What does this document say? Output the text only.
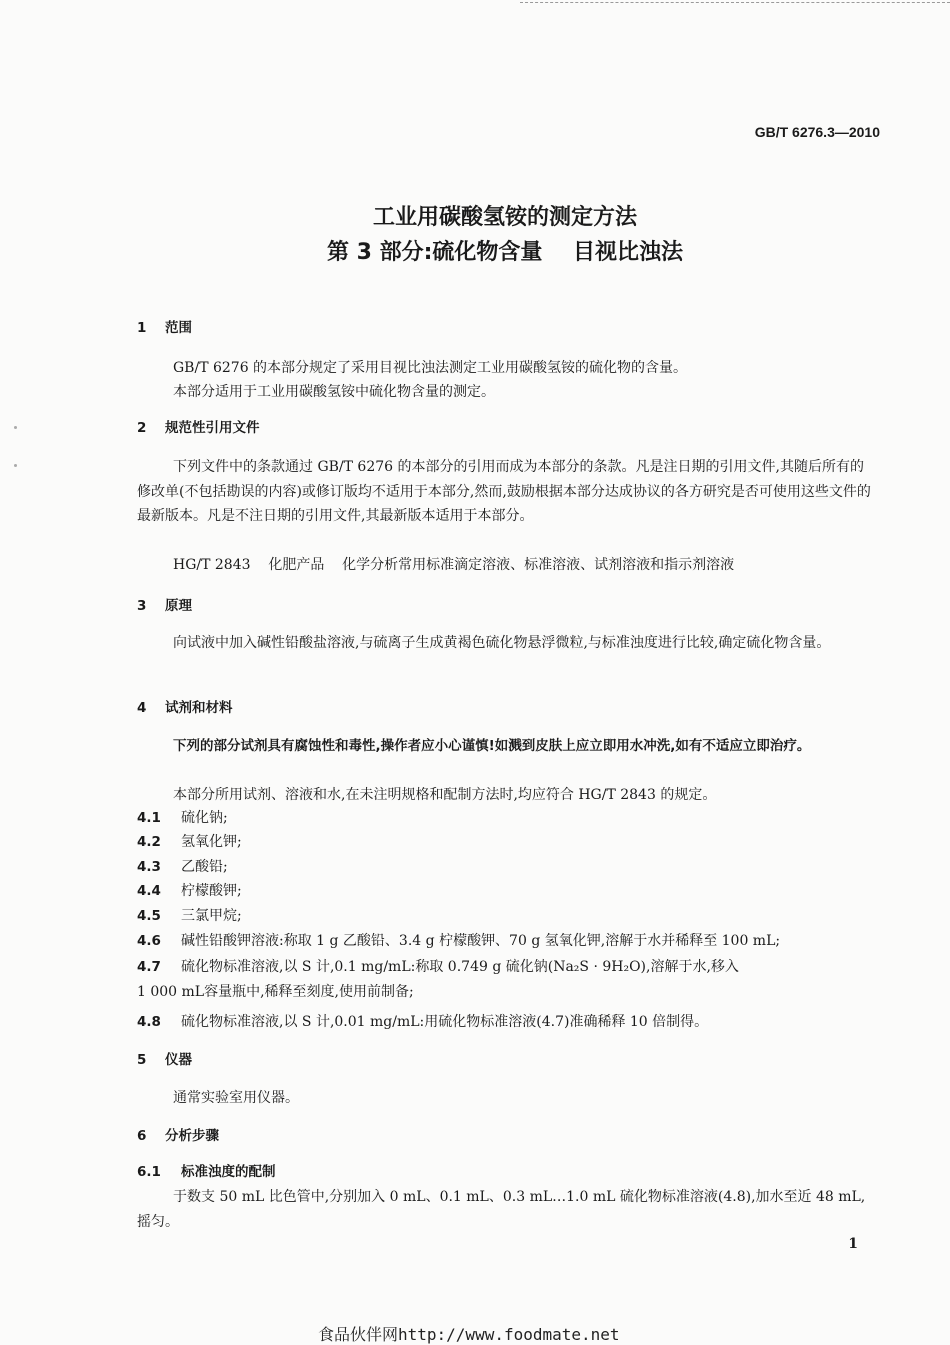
GB/T 6276.3—2010
工业用碳酸氢铵的测定方法
第 3 部分:硫化物含量    目视比浊法
1 范围
GB/T 6276 的本部分规定了采用目视比浊法测定工业用碳酸氢铵的硫化物的含量。
本部分适用于工业用碳酸氢铵中硫化物含量的测定。
2 规范性引用文件
下列文件中的条款通过 GB/T 6276 的本部分的引用而成为本部分的条款。凡是注日期的引用文件,其随后所有的修改单(不包括勘误的内容)或修订版均不适用于本部分,然而,鼓励根据本部分达成协议的各方研究是否可使用这些文件的最新版本。凡是不注日期的引用文件,其最新版本适用于本部分。
HG/T 2843    化肥产品    化学分析常用标准滴定溶液、标准溶液、试剂溶液和指示剂溶液
3 原理
向试液中加入碱性铅酸盐溶液,与硫离子生成黄褐色硫化物悬浮微粒,与标准浊度进行比较,确定硫化物含量。
4 试剂和材料
下列的部分试剂具有腐蚀性和毒性,操作者应小心谨慎!如溅到皮肤上应立即用水冲洗,如有不适应立即治疗。
本部分所用试剂、溶液和水,在未注明规格和配制方法时,均应符合 HG/T 2843 的规定。
4.1 硫化钠;
4.2 氢氧化钾;
4.3 乙酸铅;
4.4 柠檬酸钾;
4.5 三氯甲烷;
4.6 碱性铅酸钾溶液:称取 1 g 乙酸铅、3.4 g 柠檬酸钾、70 g 氢氧化钾,溶解于水并稀释至 100 mL;
4.7 硫化物标准溶液,以 S 计,0.1 mg/mL:称取 0.749 g 硫化钠(Na₂S · 9H₂O),溶解于水,移入
1 000 mL容量瓶中,稀释至刻度,使用前制备;
4.8 硫化物标准溶液,以 S 计,0.01 mg/mL:用硫化物标准溶液(4.7)准确稀释 10 倍制得。
5 仪器
通常实验室用仪器。
6 分析步骤
6.1 标准浊度的配制
于数支 50 mL 比色管中,分别加入 0 mL、0.1 mL、0.3 mL…1.0 mL 硫化物标准溶液(4.8),加水至近 48 mL,摇匀。
1
食品伙伴网http://www.foodmate.net
